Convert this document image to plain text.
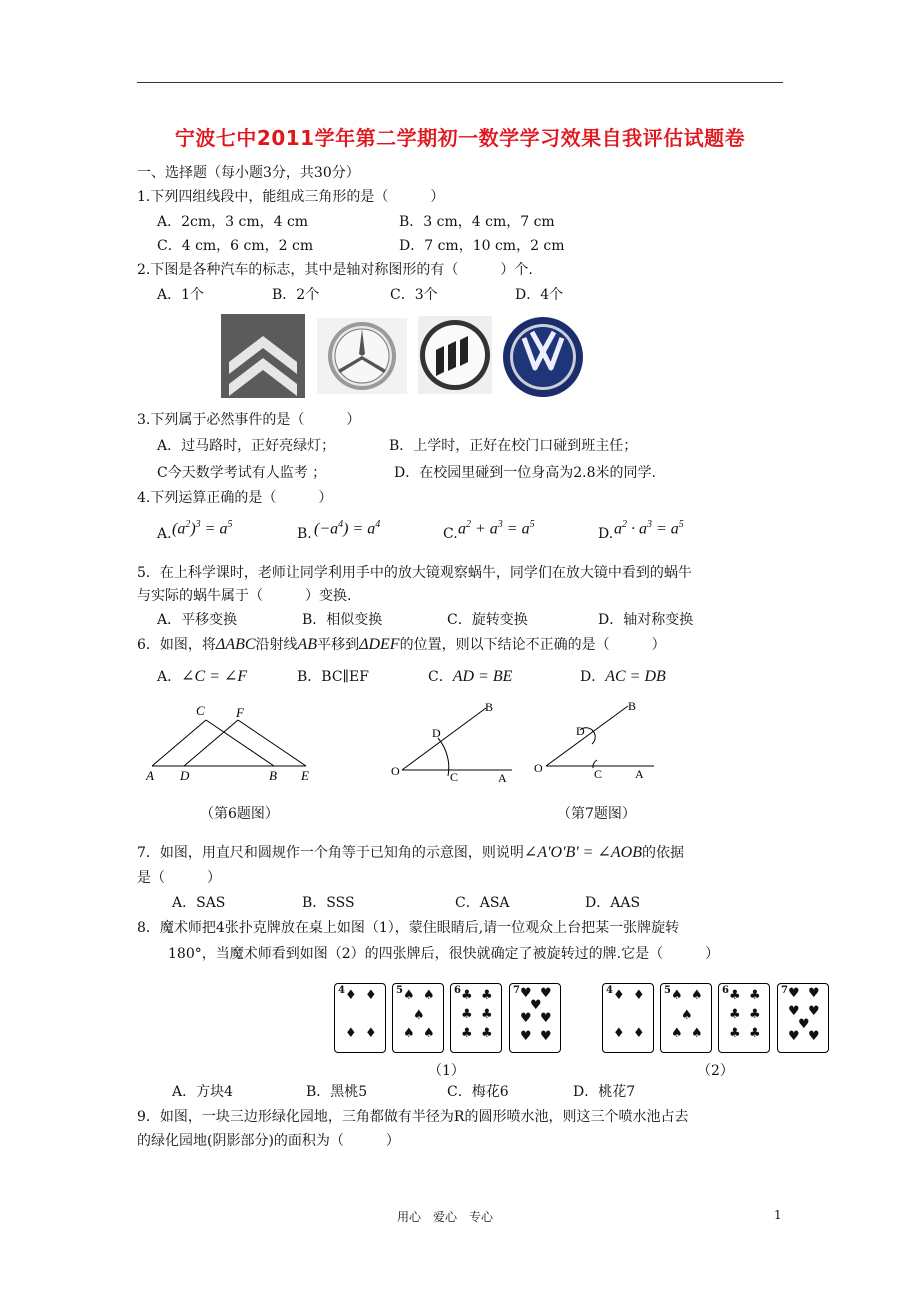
宁波七中2011学年第二学期初一数学学习效果自我评估试题卷
一、选择题（每小题3分，共30分）
1.下列四组线段中，能组成三角形的是（　　　）
A．2cm，3 cm，4 cm	B．3 cm，4 cm，7 cm
C．4 cm，6 cm，2 cm	D．7 cm，10 cm，2 cm
2.下图是各种汽车的标志，其中是轴对称图形的有（　　　）个.
A．1个	B．2个	C．3个	D．4个
3.下列属于必然事件的是（　　　）
A．过马路时，正好亮绿灯；	B．上学时，正好在校门口碰到班主任；
C今天数学考试有人监考 ；	D．在校园里碰到一位身高为2.8米的同学.
4.下列运算正确的是（　　　）
A. $(a^2)^3 = a^5$
B. $(-a^4) = a^4$
C. $a^2 + a^3 = a^5$
D. $a^2 \cdot a^3 = a^5$
5．在上科学课时，老师让同学利用手中的放大镜观察蜗牛，同学们在放大镜中看到的蜗牛
与实际的蜗牛属于（　　　）变换.
A．平移变换	B．相似变换	C．旋转变换	D．轴对称变换
6．如图，将ΔABC沿射线AB平移到ΔDEF的位置，则以下结论不正确的是（　　　）
A．∠C = ∠F	B．BC∥EF	C．AD = BE	D．AC = DB
C F
A D	B E	O	C	A
D
B
O	C	A
D
B
（第6题图）	（第7题图）
7．如图，用直尺和圆规作一个角等于已知角的示意图，则说明∠A'O'B' = ∠AOB的依据
是（　　　）
A．SAS	B．SSS	C．ASA	D．AAS
8．魔术师把4张扑克牌放在桌上如图（1），蒙住眼睛后,请一位观众上台把某一张牌旋转
180°，当魔术师看到如图（2）的四张牌后，很快就确定了被旋转过的牌.它是（　　　）
4 ♦ ♦
♦ ♦
5 ♠ ♠
♠
♠ ♠
6 ♣ ♣
♣ ♣
♣ ♣
7 ♥ ♥
♥
♥ ♥
♥ ♥
4 ♦ ♦
♦ ♦
5 ♠ ♠
♠
♠ ♠
6 ♣ ♣
♣ ♣
♣ ♣
7 ♥ ♥
♥ ♥
♥
♥ ♥
（1）	（2）
A．方块4	B．黑桃5	C．梅花6	D．桃花7
9．如图，一块三边形绿化园地，三角都做有半径为R的圆形喷水池，则这三个喷水池占去
的绿化园地(阴影部分)的面积为（　　　）
用心　爱心　专心	1
